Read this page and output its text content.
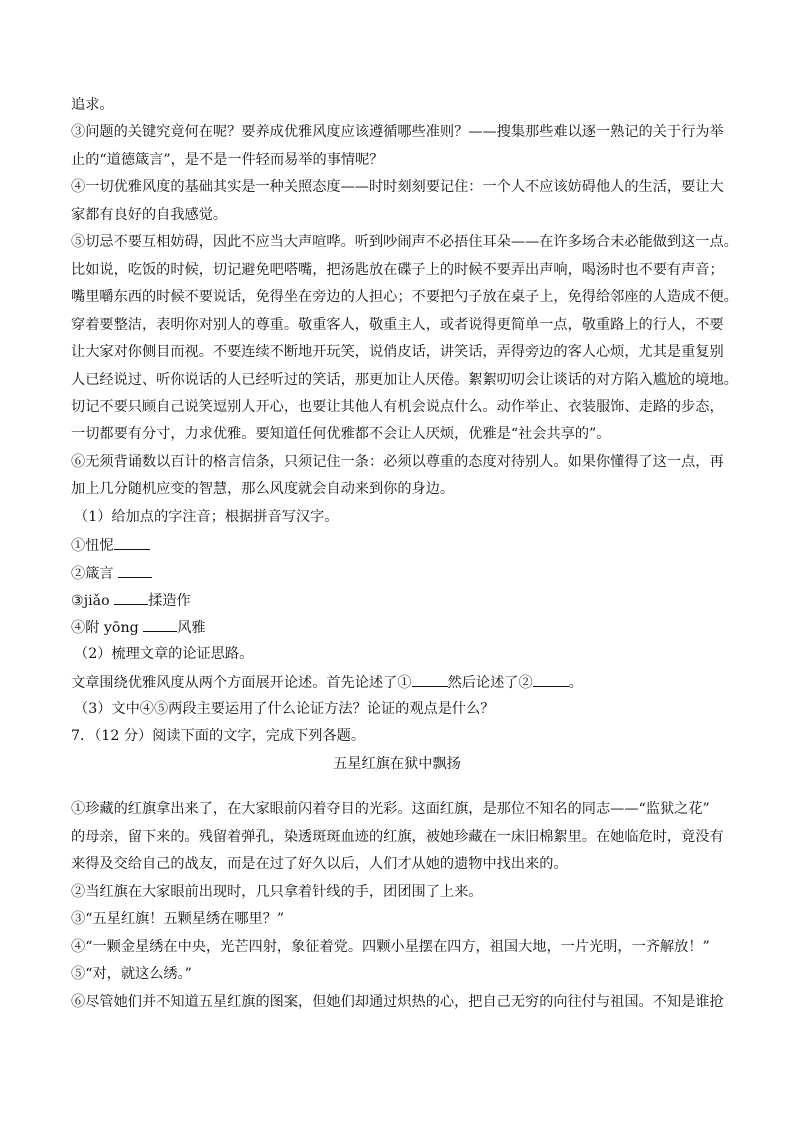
追求。
③问题的关键究竟何在呢？要养成优雅风度应该遵循哪些准则？——搜集那些难以逐一熟记的关于行为举
止的“道德箴言”，是不是一件轻而易举的事情呢？
④一切优雅风度的基础其实是一种关照态度——时时刻刻要记住：一个人不应该妨碍他人的生活，要让大
家都有良好的自我感觉。
⑤切忌不要互相妨碍，因此不应当大声喧哗。听到吵闹声不必捂住耳朵——在许多场合未必能做到这一点。
比如说，吃饭的时候，切记避免吧嗒嘴，把汤匙放在碟子上的时候不要弄出声响，喝汤时也不要有声音；
嘴里嚼东西的时候不要说话，免得坐在旁边的人担心；不要把勺子放在桌子上，免得给邻座的人造成不便。
穿着要整洁，表明你对别人的尊重。敬重客人，敬重主人，或者说得更简单一点，敬重路上的行人，不要
让大家对你侧目而视。不要连续不断地开玩笑，说俏皮话，讲笑话，弄得旁边的客人心烦，尤其是重复别
人已经说过、听你说话的人已经听过的笑话，那更加让人厌倦。絮絮叨叨会让谈话的对方陷入尴尬的境地。
切记不要只顾自己说笑逗别人开心，也要让其他人有机会说点什么。动作举止、衣装服饰、走路的步态，
一切都要有分寸，力求优雅。要知道任何优雅都不会让人厌烦，优雅是“社会共享的”。
⑥无须背诵数以百计的格言信条，只须记住一条：必须以尊重的态度对待别人。如果你懂得了这一点，再
加上几分随机应变的智慧，那么风度就会自动来到你的身边。
（1）给加点的字注音；根据拼音写汉字。
①忸怩
②箴言
③jiǎo	揉造作
④附 yōng	风雅
（2）梳理文章的论证思路。
文章围绕优雅风度从两个方面展开论述。首先论述了①	然后论述了②	。
（3）文中④⑤两段主要运用了什么论证方法？论证的观点是什么？
7．（12 分）阅读下面的文字，完成下列各题。
五星红旗在狱中飘扬
①珍藏的红旗拿出来了，在大家眼前闪着夺目的光彩。这面红旗，是那位不知名的同志——“监狱之花”
的母亲，留下来的。残留着弹孔，染透斑斑血迹的红旗，被她珍藏在一床旧棉絮里。在她临危时，竟没有
来得及交给自己的战友，而是在过了好久以后，人们才从她的遗物中找出来的。
②当红旗在大家眼前出现时，几只拿着针线的手，团团围了上来。
③“五星红旗！五颗星绣在哪里？”
④“一颗金星绣在中央，光芒四射，象征着党。四颗小星摆在四方，祖国大地，一片光明，一齐解放！”
⑤“对，就这么绣。”
⑥尽管她们并不知道五星红旗的图案，但她们却通过炽热的心，把自己无穷的向往付与祖国。不知是谁抢
